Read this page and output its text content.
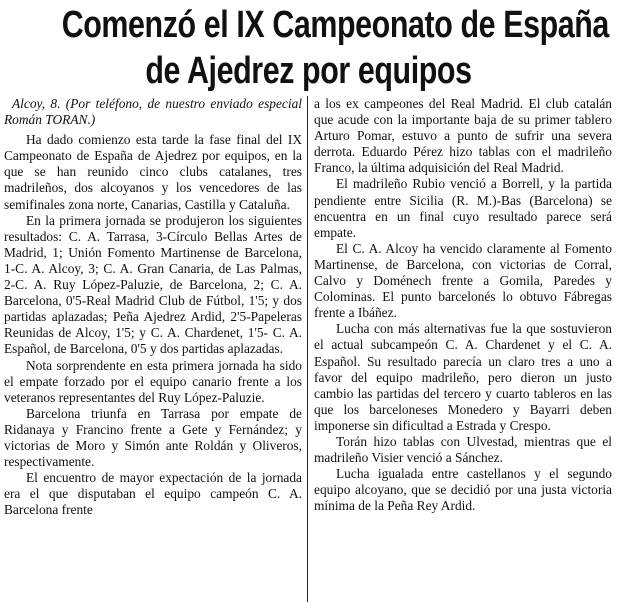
Comenzó el IX Campeonato de España
de Ajedrez por equipos

Alcoy, 8. (Por teléfono, de nuestro enviado especial Román TORAN.)

Ha dado comienzo esta tarde la fase final del IX Campeonato de España de Ajedrez por equipos, en la que se han reunido cinco clubs catalanes, tres madrileños, dos alcoyanos y los vencedores de las semifinales zona norte, Canarias, Castilla y Cataluña.

En la primera jornada se produjeron los siguientes resultados: C. A. Tarrasa, 3-Círculo Bellas Artes de Madrid, 1; Unión Fomento Martinense de Barcelona, 1-C. A. Alcoy, 3; C. A. Gran Canaria, de Las Palmas, 2-C. A. Ruy López-Paluzie, de Barcelona, 2; C. A. Barcelona, 0'5-Real Madrid Club de Fútbol, 1'5; y dos partidas aplazadas; Peña Ajedrez Ardid, 2'5-Papeleras Reunidas de Alcoy, 1'5; y C. A. Chardenet, 1'5- C. A. Español, de Barcelona, 0'5 y dos partidas aplazadas.

Nota sorprendente en esta primera jornada ha sido el empate forzado por el equipo canario frente a los veteranos representantes del Ruy López-Paluzie.

Barcelona triunfa en Tarrasa por empate de Ridanaya y Francino frente a Gete y Fernández; y victorias de Moro y Simón ante Roldán y Oliveros, respectivamente.

El encuentro de mayor expectación de la jornada era el que disputaban el equipo campeón C. A. Barcelona frente

a los ex campeones del Real Madrid. El club catalán que acude con la importante baja de su primer tablero Arturo Pomar, estuvo a punto de sufrir una severa derrota. Eduardo Pérez hizo tablas con el madrileño Franco, la última adquisición del Real Madrid.

El madrileño Rubio venció a Borrell, y la partida pendiente entre Sicilia (R. M.)-Bas (Barcelona) se encuentra en un final cuyo resultado parece será empate.

El C. A. Alcoy ha vencido claramente al Fomento Martinense, de Barcelona, con victorias de Corral, Calvo y Doménech frente a Gomila, Paredes y Colominas. El punto barcelonés lo obtuvo Fábregas frente a Ibáñez.

Lucha con más alternativas fue la que sostuvieron el actual subcampeón C. A. Chardenet y el C. A. Español. Su resultado parecía un claro tres a uno a favor del equipo madrileño, pero dieron un justo cambio las partidas del tercero y cuarto tableros en las que los barceloneses Monedero y Bayarri deben imponerse sin dificultad a Estrada y Crespo.

Torán hizo tablas con Ulvestad, mientras que el madrileño Visier venció a Sánchez.

Lucha igualada entre castellanos y el segundo equipo alcoyano, que se decidió por una justa victoria mínima de la Peña Rey Ardid.
